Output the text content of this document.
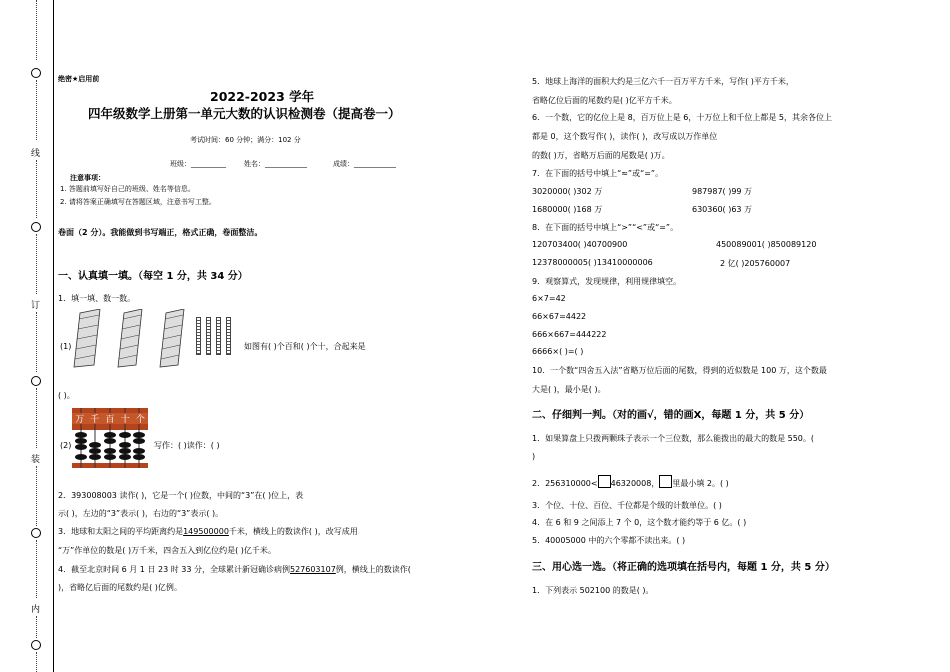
线
订
装
内
绝密★启用前
2022-2023 学年
四年级数学上册第一单元大数的认识检测卷（提高卷一）
考试时间：60 分钟；满分：102 分
班级：__________	姓名：____________	成绩：____________
注意事项：
1. 答题前填写好自己的班级、姓名等信息。
2. 请将答案正确填写在答题区域，注意书写工整。
卷面（2 分）。我能做到书写端正，格式正确，卷面整洁。
一、认真填一填。（每空 1 分，共 34 分）
1．填一填、数一数。
(1)	如图有( )个百和( )个十，合起来是
( )。
万 千 百 十 个
(2)	写作：( )读作：( )
2．393008003 读作( )，它是一个( )位数，中间的“3”在( )位上，表
示( )，左边的“3”表示( )，右边的“3”表示( )。
3．地球和太阳之间的平均距离约是149500000千米，横线上的数读作( )，改写成用
“万”作单位的数是( )万千米，四舍五入到亿位约是( )亿千米。
4．截至北京时间 6 月 1 日 23 时 33 分，全球累计新冠确诊病例527603107例，横线上的数读作(
)，省略亿后面的尾数约是( )亿例。
5．地球上海洋的面积大约是三亿六千一百万平方千米，写作( )平方千米，
省略亿位后面的尾数约是( )亿平方千米。
6．一个数，它的亿位上是 8，百万位上是 6，十万位上和千位上都是 5，其余各位上
都是 0，这个数写作( )，读作( )，改写成以万作单位
的数( )万，省略万后面的尾数是( )万。
7．在下面的括号中填上“≈”或“=”。
3020000( )302 万	987987( )99 万
1680000( )168 万	630360( )63 万
8．在下面的括号中填上“>”“<”或“=”。
120703400( )40700900	450089001( )850089120
12378000005( )13410000006	2 亿( )205760007
9．观察算式，发现规律，利用规律填空。
6×7=42
66×67=4422
666×667=444222
6666×( )=( )
10．一个数“四舍五入法”省略万位后面的尾数，得到的近似数是 100 万，这个数最
大是( )，最小是( )。
二、仔细判一判。（对的画√，错的画X，每题 1 分，共 5 分）
1．如果算盘上只拨两颗珠子表示一个三位数，那么能拨出的最大的数是 550。(
)
2．256310000< 46320008， 里最小填 2。( )
3．个位、十位、百位、千位都是个级的计数单位。( )
4．在 6 和 9 之间添上 7 个 0，这个数才能约等于 6 亿。( )
5．40005000 中的六个零都不读出来。( )
三、用心选一选。（将正确的选项填在括号内，每题 1 分，共 5 分）
1．下列表示 502100 的数是( )。
